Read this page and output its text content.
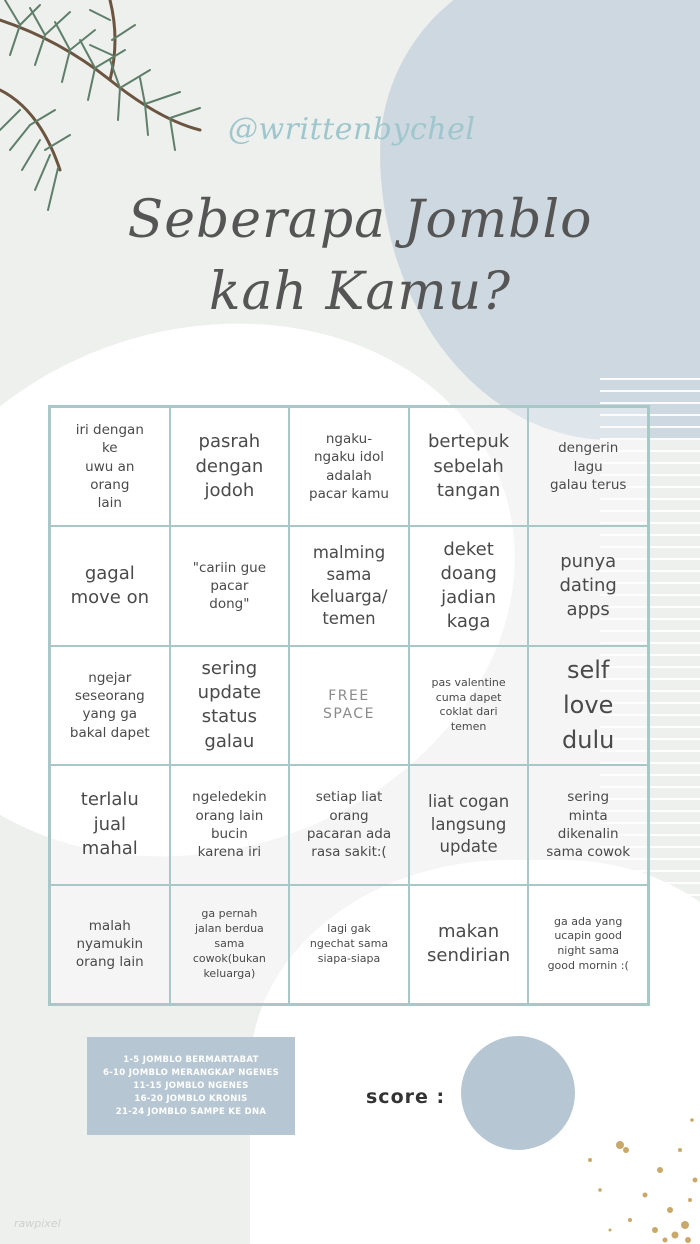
@writtenbychel
Seberapa Jomblo
kah Kamu?
iri dengan
ke
uwu an
orang
lain
pasrah
dengan
jodoh
ngaku-
ngaku idol
adalah
pacar kamu
bertepuk
sebelah
tangan
dengerin
lagu
galau terus
gagal
move on
"cariin gue
pacar
dong"
malming
sama
keluarga/
temen
deket
doang
jadian
kaga
punya
dating
apps
ngejar
seseorang
yang ga
bakal dapet
sering
update
status
galau
FREE
SPACE
pas valentine
cuma dapet
coklat dari
temen
self
love
dulu
terlalu
jual
mahal
ngeledekin
orang lain
bucin
karena iri
setiap liat
orang
pacaran ada
rasa sakit:(
liat cogan
langsung
update
sering
minta
dikenalin
sama cowok
malah
nyamukin
orang lain
ga pernah
jalan berdua
sama
cowok(bukan
keluarga)
lagi gak
ngechat sama
siapa-siapa
makan
sendirian
ga ada yang
ucapin good
night sama
good mornin :(
1-5 JOMBLO BERMARTABAT
6-10 JOMBLO MERANGKAP NGENES
11-15 JOMBLO NGENES
16-20 JOMBLO KRONIS
21-24 JOMBLO SAMPE KE DNA
score :
rawpixel
